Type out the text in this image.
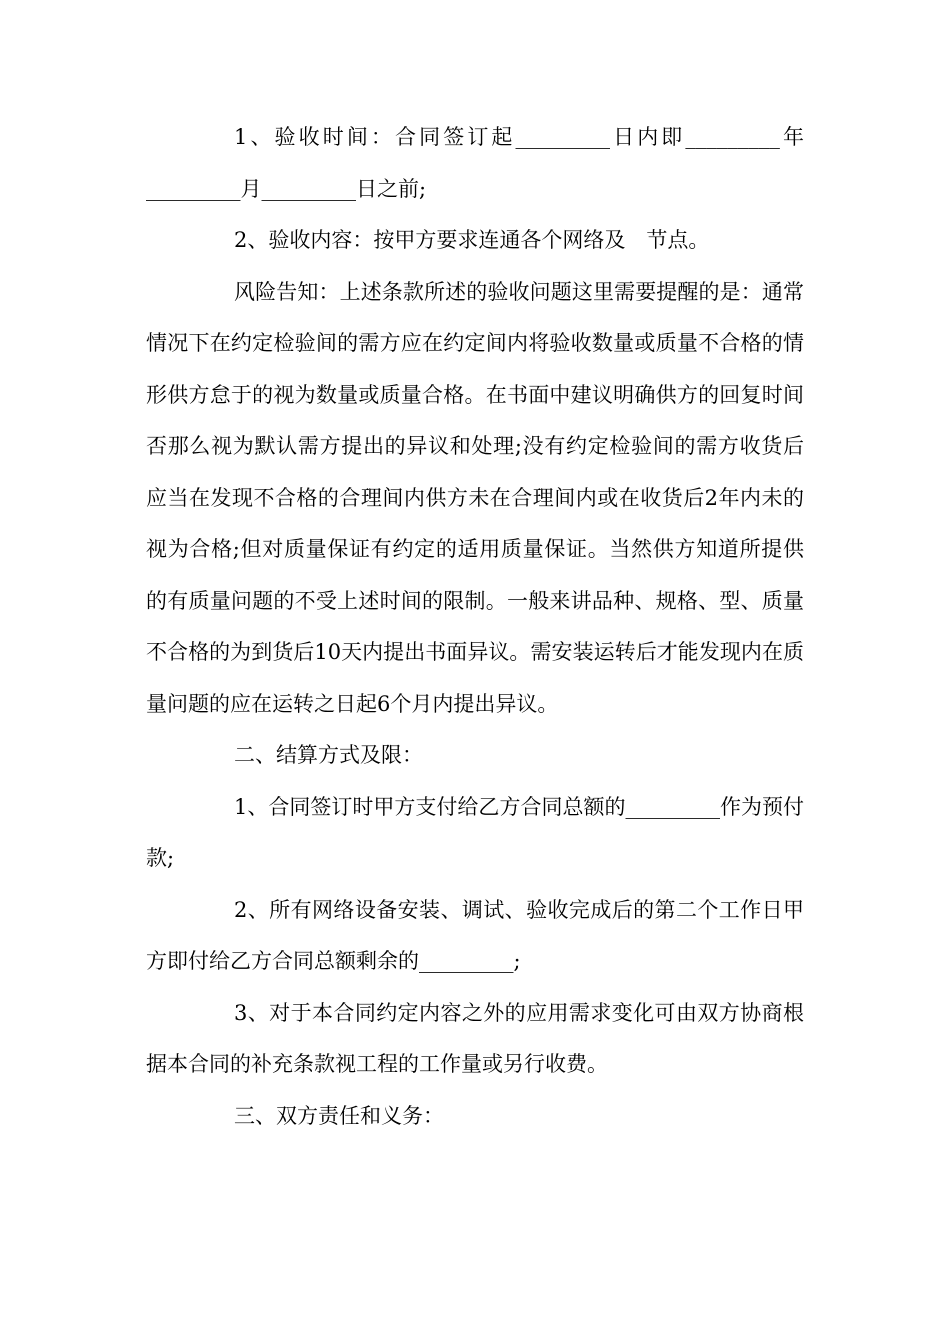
1、验收时间：合同签订起_________日内即_________年_________月_________日之前;

2、验收内容：按甲方要求连通各个网络及　节点。

风险告知：上述条款所述的验收问题这里需要提醒的是：通常情况下在约定检验间的需方应在约定间内将验收数量或质量不合格的情形供方怠于的视为数量或质量合格。在书面中建议明确供方的回复时间否那么视为默认需方提出的异议和处理;没有约定检验间的需方收货后应当在发现不合格的合理间内供方未在合理间内或在收货后2年内未的视为合格;但对质量保证有约定的适用质量保证。当然供方知道所提供的有质量问题的不受上述时间的限制。一般来讲品种、规格、型、质量不合格的为到货后10天内提出书面异议。需安装运转后才能发现内在质量问题的应在运转之日起6个月内提出异议。

二、结算方式及限：

1、合同签订时甲方支付给乙方合同总额的_________作为预付款;

2、所有网络设备安装、调试、验收完成后的第二个工作日甲方即付给乙方合同总额剩余的_________;

3、对于本合同约定内容之外的应用需求变化可由双方协商根据本合同的补充条款视工程的工作量或另行收费。

三、双方责任和义务：
